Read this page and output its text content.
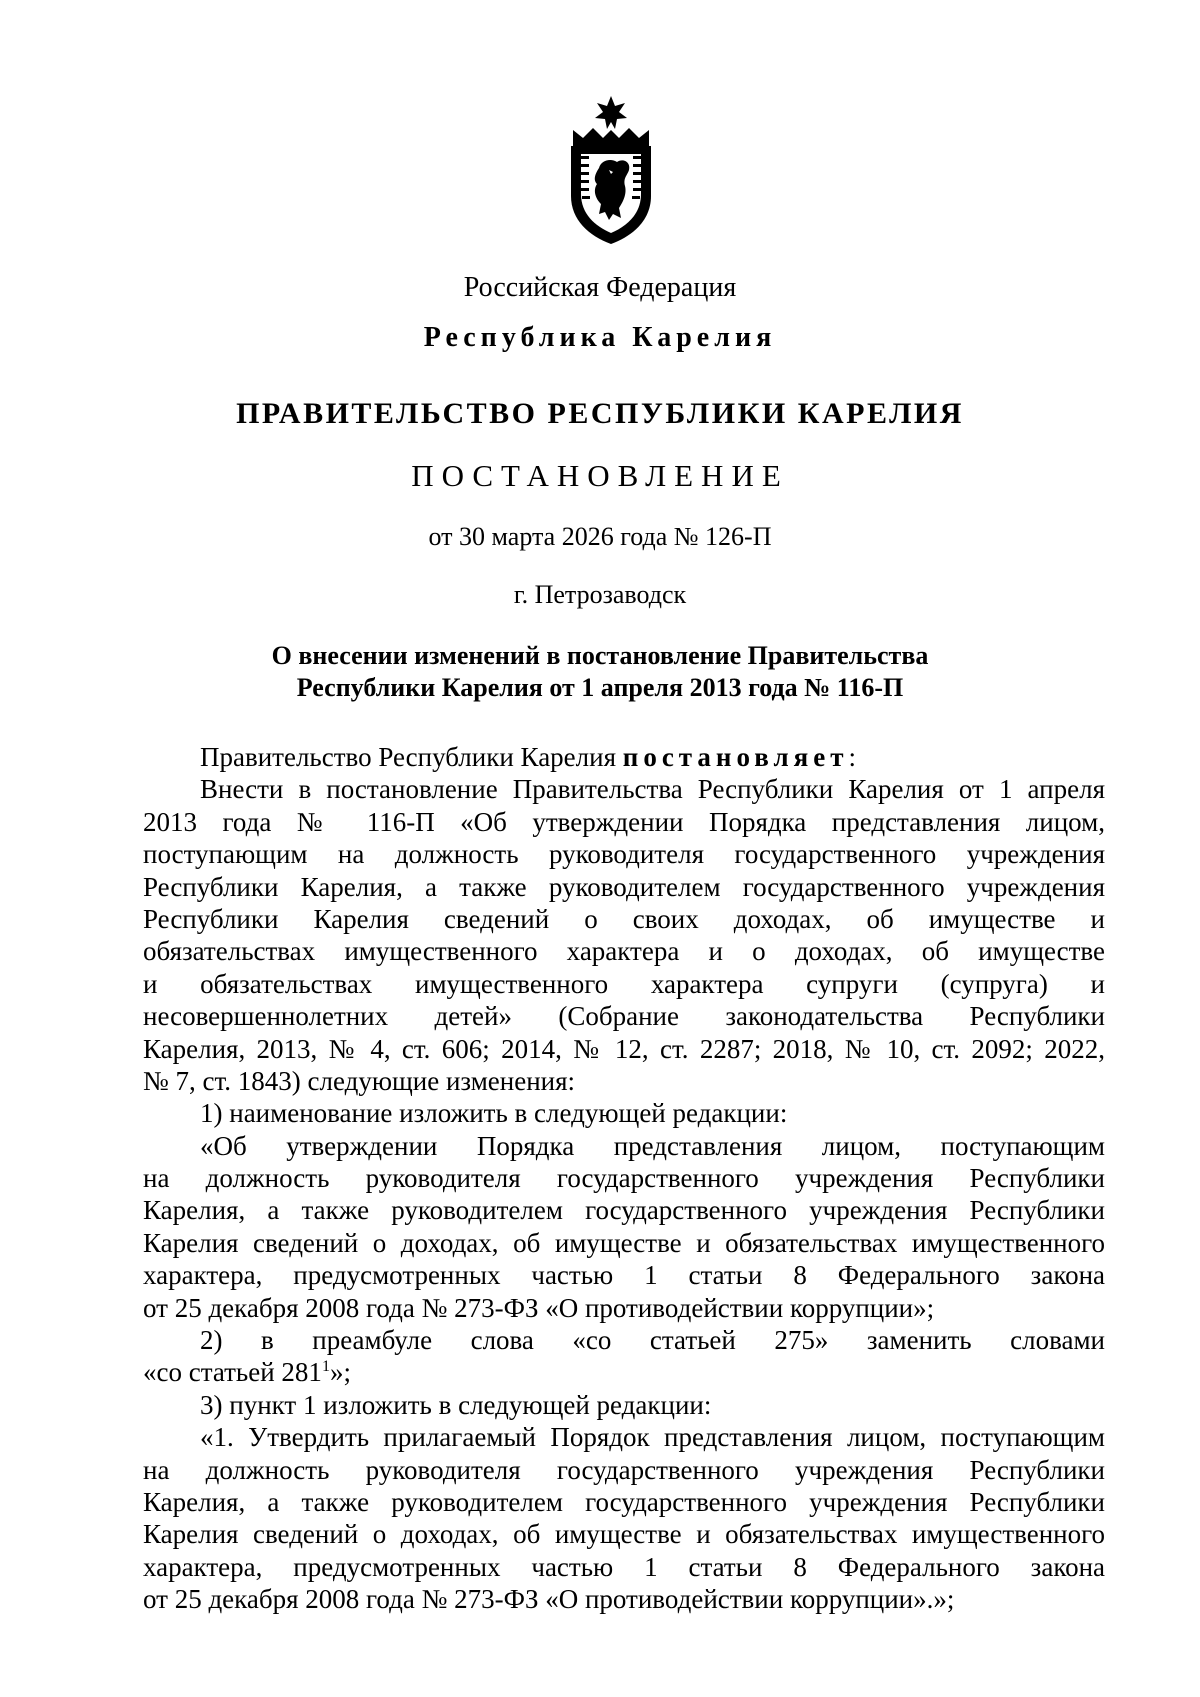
Российская Федерация
Республика Карелия
ПРАВИТЕЛЬСТВО РЕСПУБЛИКИ КАРЕЛИЯ
ПОСТАНОВЛЕНИЕ
от 30 марта 2026 года № 126-П
г. Петрозаводск
О внесении изменений в постановление Правительства
Республики Карелия от 1 апреля 2013 года № 116-П
Правительство Республики Карелия постановляет:
Внести в постановление Правительства Республики Карелия от 1 апреля
2013 года № 116-П «Об утверждении Порядка представления лицом,
поступающим на должность руководителя государственного учреждения
Республики Карелия, а также руководителем государственного учреждения
Республики Карелия сведений о своих доходах, об имуществе и
обязательствах имущественного характера и о доходах, об имуществе
и обязательствах имущественного характера супруги (супруга) и
несовершеннолетних детей» (Собрание законодательства Республики
Карелия, 2013, № 4, ст. 606; 2014, № 12, ст. 2287; 2018, № 10, ст. 2092; 2022,
№ 7, ст. 1843) следующие изменения:
1) наименование изложить в следующей редакции:
«Об утверждении Порядка представления лицом, поступающим
на должность руководителя государственного учреждения Республики
Карелия, а также руководителем государственного учреждения Республики
Карелия сведений о доходах, об имуществе и обязательствах имущественного
характера, предусмотренных частью 1 статьи 8 Федерального закона
от 25 декабря 2008 года № 273-ФЗ «О противодействии коррупции»;
2) в преамбуле слова «со статьей 275» заменить словами
«со статьей $281^1$»;
3) пункт 1 изложить в следующей редакции:
«1. Утвердить прилагаемый Порядок представления лицом, поступающим
на должность руководителя государственного учреждения Республики
Карелия, а также руководителем государственного учреждения Республики
Карелия сведений о доходах, об имуществе и обязательствах имущественного
характера, предусмотренных частью 1 статьи 8 Федерального закона
от 25 декабря 2008 года № 273-ФЗ «О противодействии коррупции».»;
